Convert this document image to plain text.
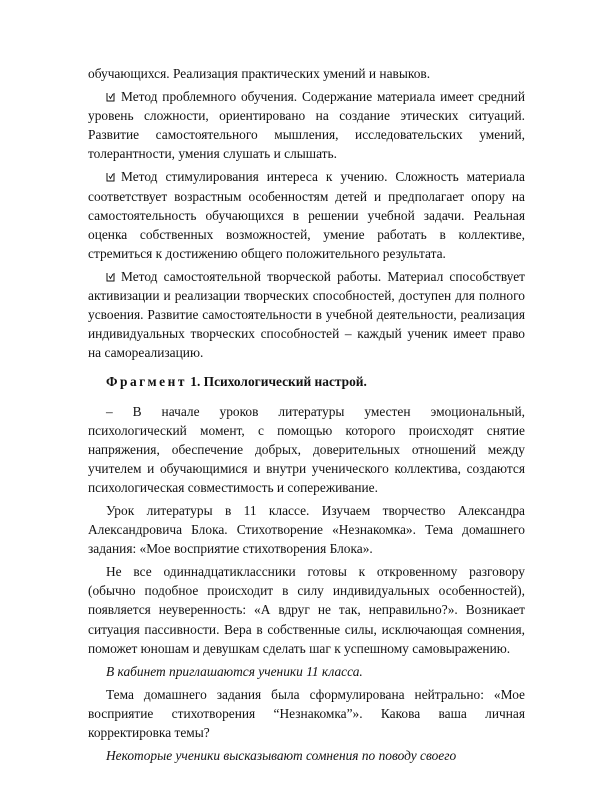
обучающихся. Реализация практических умений и навыков.

Метод проблемного обучения. Содержание материала имеет средний уровень сложности, ориентировано на создание этических ситуаций. Развитие самостоятельного мышления, исследовательских умений, толерантности, умения слушать и слышать.

Метод стимулирования интереса к учению. Сложность материала соответствует возрастным особенностям детей и предполагает опору на самостоятельность обучающихся в решении учебной задачи. Реальная оценка собственных возможностей, умение работать в коллективе, стремиться к достижению общего положительного результата.

Метод самостоятельной творческой работы. Материал способствует активизации и реализации творческих способностей, доступен для полного усвоения. Развитие самостоятельности в учебной деятельности, реализация индивидуальных творческих способностей – каждый ученик имеет право на самореализацию.

Фрагмент 1. Психологический настрой.

– В начале уроков литературы уместен эмоциональный, психологический момент, с помощью которого происходят снятие напряжения, обеспечение добрых, доверительных отношений между учителем и обучающимися и внутри ученического коллектива, создаются психологическая совместимость и сопереживание.

Урок литературы в 11 классе. Изучаем творчество Александра Александровича Блока. Стихотворение «Незнакомка». Тема домашнего задания: «Мое восприятие стихотворения Блока».

Не все одиннадцатиклассники готовы к откровенному разговору (обычно подобное происходит в силу индивидуальных особенностей), появляется неуверенность: «А вдруг не так, неправильно?». Возникает ситуация пассивности. Вера в собственные силы, исключающая сомнения, поможет юношам и девушкам сделать шаг к успешному самовыражению.

В кабинет приглашаются ученики 11 класса.

Тема домашнего задания была сформулирована нейтрально: «Мое восприятие стихотворения “Незнакомка”». Какова ваша личная корректировка темы?

Некоторые ученики высказывают сомнения по поводу своего
